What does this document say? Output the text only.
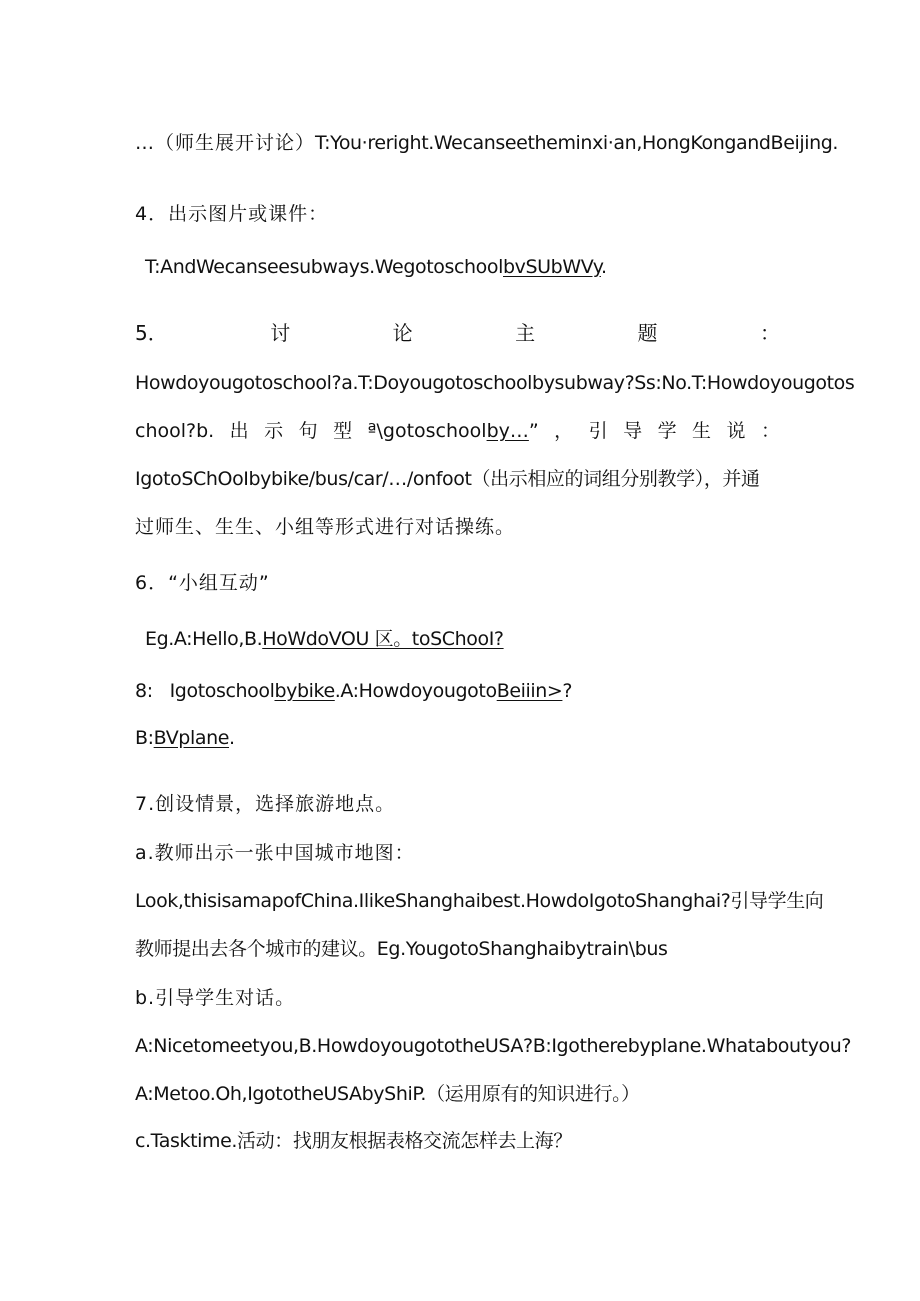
…（师生展开讨论）T:You·reright.Wecanseetheminxi·an,HongKongandBeijing.
4．出示图片或课件：
T:AndWecanseesubways.WegotoschoolbvSUbWVy.
5．	讨	论	主	题	：
Howdoyougotoschool?a.T:Doyougotoschoolbysubway?Ss:No.T:Howdoyougotos
chool?b. 出 示 句 型 ª\gotoschoolby…” ， 引 导 学 生 说 ：
IgotoSChOoIbybike/bus/car/…/onfoot（出示相应的词组分别教学），并通
过师生、生生、小组等形式进行对话操练。
6．“小组互动”
Eg.A:Hello,B.HoWdoVOU 区。toSChooI?
8:   Igotoschoolbybike.A:HowdoyougotoBeiiin>?
B:BVplane.
7.创设情景，选择旅游地点。
a.教师出示一张中国城市地图：
Look,thisisamapofChina.IlikeShanghaibest.HowdoIgotoShanghai?引导学生向
教师提出去各个城市的建议。Eg.YougotoShanghaibytrain\bus
b.引导学生对话。
A:Nicetomeetyou,B.HowdoyougototheUSA?B:Igotherebyplane.Whataboutyou?
A:Metoo.Oh,IgototheUSAbyShiP.（运用原有的知识进行。）
c.Tasktime.活动：找朋友根据表格交流怎样去上海？
